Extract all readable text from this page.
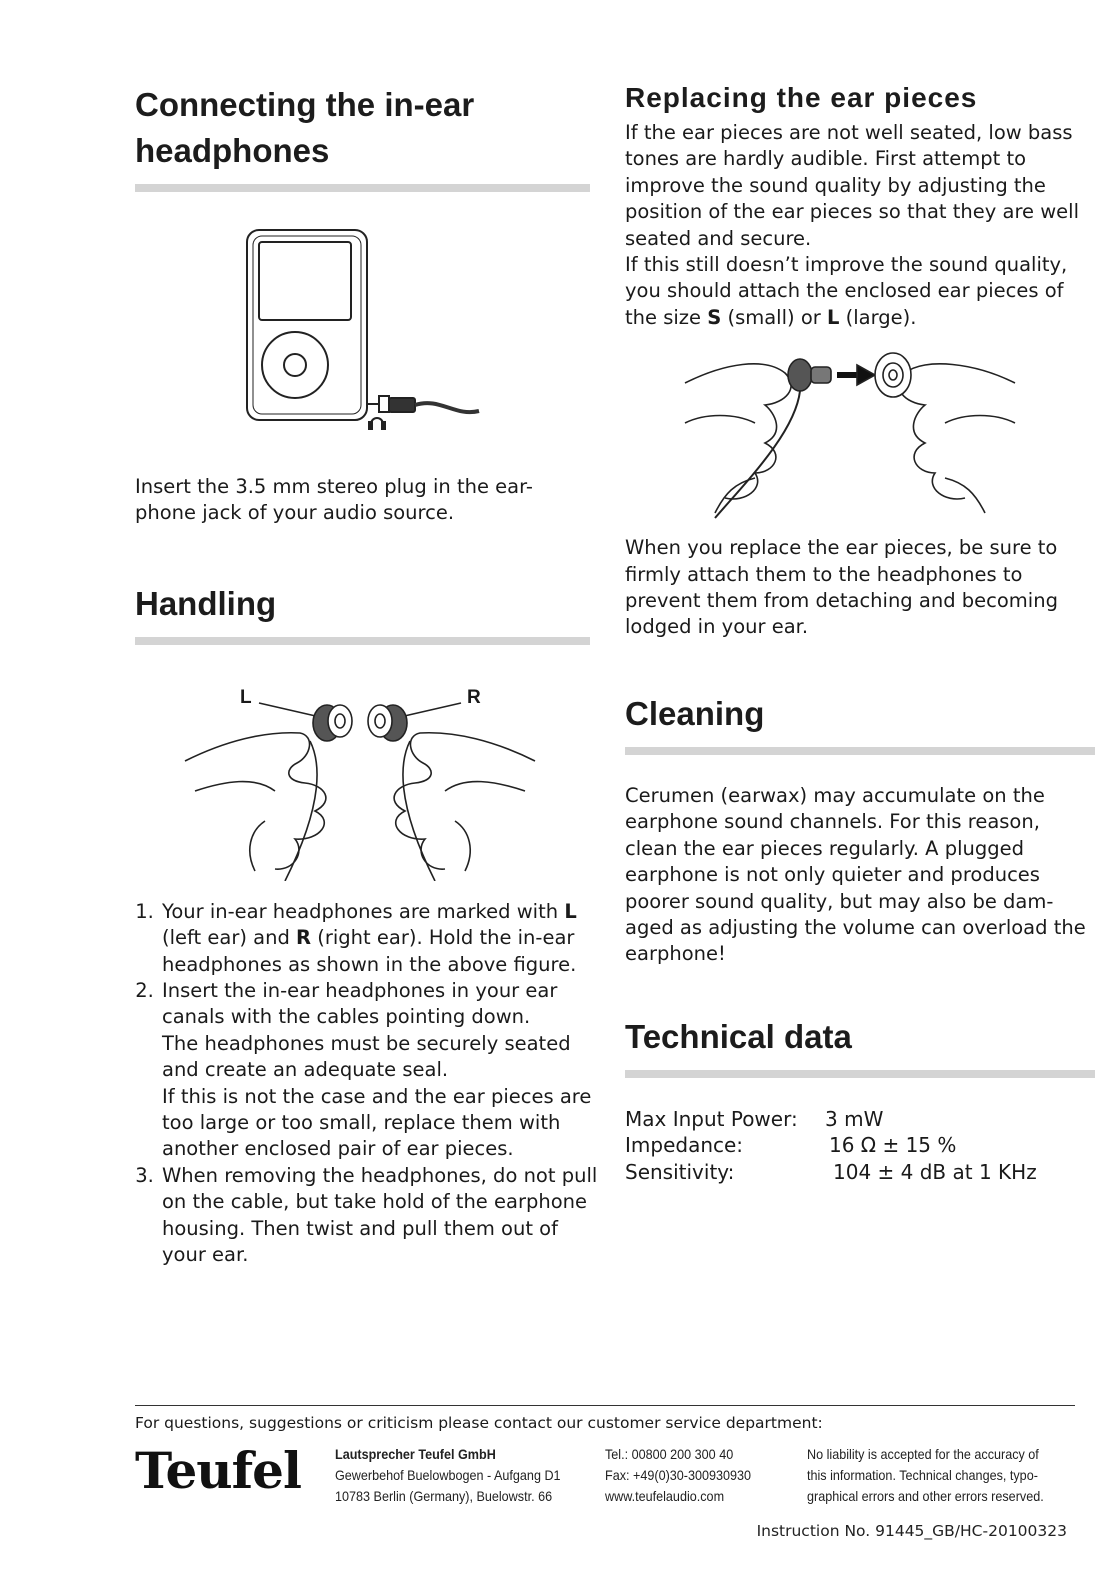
Connecting the in-ear
headphones

Insert the 3.5 mm stereo plug in the ear-phone jack of your audio source.

Handling
L	R
1. Your in-ear headphones are marked with L (left ear) and R (right ear). Hold the in-ear headphones as shown in the above figure.
2. Insert the in-ear headphones in your ear canals with the cables pointing down.
The headphones must be securely seated and create an adequate seal.
If this is not the case and the ear pieces are too large or too small, replace them with another enclosed pair of ear pieces.
3. When removing the headphones, do not pull on the cable, but take hold of the earphone housing. Then twist and pull them out of your ear.
Replacing the ear pieces

If the ear pieces are not well seated, low bass tones are hardly audible. First attempt to improve the sound quality by adjusting the position of the ear pieces so that they are well seated and secure.

If this still doesn’t improve the sound quality, you should attach the enclosed ear pieces of the size S (small) or L (large).

When you replace the ear pieces, be sure to firmly attach them to the headphones to prevent them from detaching and becoming lodged in your ear.

Cleaning

Cerumen (earwax) may accumulate on the earphone sound channels. For this reason, clean the ear pieces regularly. A plugged earphone is not only quieter and produces poorer sound quality, but may also be dam-aged as adjusting the volume can overload the earphone!

Technical data
Max Input Power:	3 mW
Impedance:	16 Ω ± 15 %
Sensitivity:	104 ± 4 dB at 1 KHz
For questions, suggestions or criticism please contact our customer service department:
Teufel Lautsprecher Teufel GmbH
Gewerbehof Buelowbogen - Aufgang D1
10783 Berlin (Germany), Buelowstr. 66
Tel.: 00800 200 300 40
Fax: +49(0)30-300930930
www.teufelaudio.com
No liability is accepted for the accuracy of
this information. Technical changes, typo-
graphical errors and other errors reserved.
Instruction No. 91445_GB/HC-20100323
